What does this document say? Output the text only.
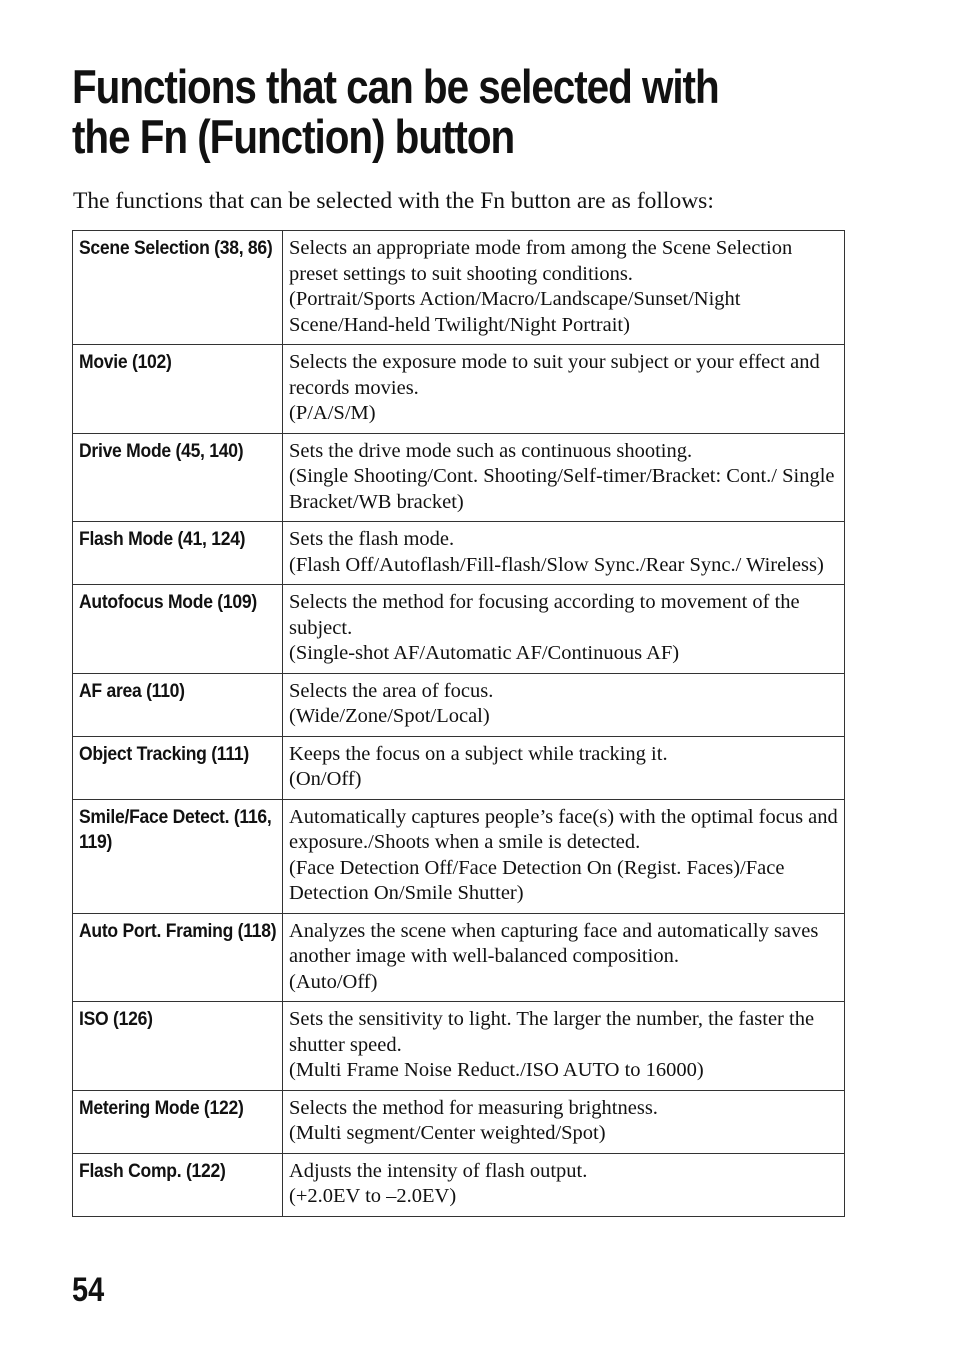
Functions that can be selected with
the Fn (Function) button

The functions that can be selected with the Fn button are as follows:

Scene Selection (38, 86)	Selects an appropriate mode from among the Scene Selection preset settings to suit shooting conditions.
(Portrait/Sports Action/Macro/Landscape/Sunset/Night Scene/Hand-held Twilight/Night Portrait)

Movie (102)	Selects the exposure mode to suit your subject or your effect and records movies.
(P/A/S/M)

Drive Mode (45, 140)	Sets the drive mode such as continuous shooting.
(Single Shooting/Cont. Shooting/Self-timer/Bracket: Cont./ Single Bracket/WB bracket)

Flash Mode (41, 124)	Sets the flash mode.
(Flash Off/Autoflash/Fill-flash/Slow Sync./Rear Sync./ Wireless)

Autofocus Mode (109)	Selects the method for focusing according to movement of the subject.
(Single-shot AF/Automatic AF/Continuous AF)

AF area (110)	Selects the area of focus.
(Wide/Zone/Spot/Local)

Object Tracking (111)	Keeps the focus on a subject while tracking it.
(On/Off)

Smile/Face Detect. (116, 119)	Automatically captures people’s face(s) with the optimal focus and exposure./Shoots when a smile is detected.
(Face Detection Off/Face Detection On (Regist. Faces)/Face Detection On/Smile Shutter)

Auto Port. Framing (118)	Analyzes the scene when capturing face and automatically saves another image with well-balanced composition.
(Auto/Off)

ISO (126)	Sets the sensitivity to light. The larger the number, the faster the shutter speed.
(Multi Frame Noise Reduct./ISO AUTO to 16000)

Metering Mode (122)	Selects the method for measuring brightness.
(Multi segment/Center weighted/Spot)

Flash Comp. (122)	Adjusts the intensity of flash output.
(+2.0EV to –2.0EV)
54
